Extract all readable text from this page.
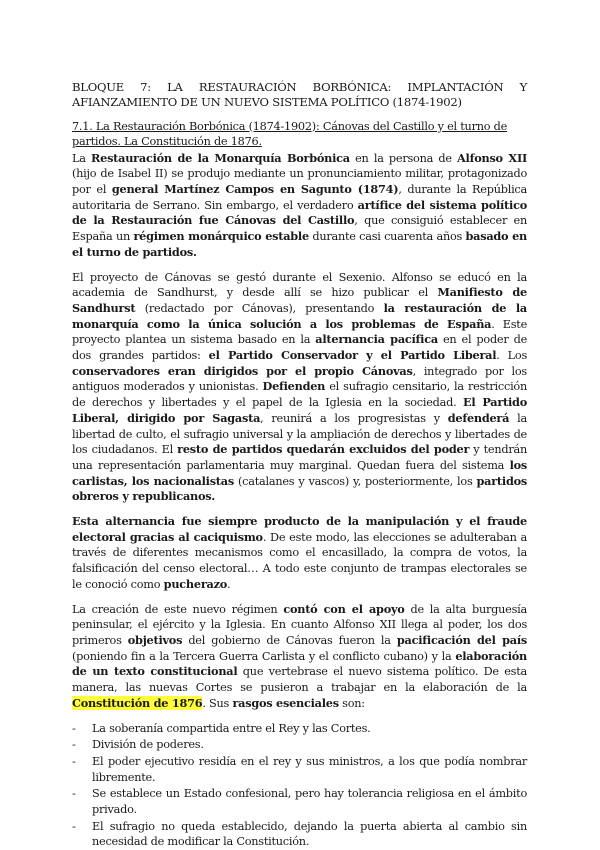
BLOQUE 7: LA RESTAURACIÓN BORBÓNICA: IMPLANTACIÓN Y AFIANZAMIENTO DE UN NUEVO SISTEMA POLÍTICO (1874-1902)
7.1. La Restauración Borbónica (1874-1902): Cánovas del Castillo y el turno de partidos. La Constitución de 1876.

La Restauración de la Monarquía Borbónica en la persona de Alfonso XII (hijo de Isabel II) se produjo mediante un pronunciamiento militar, protagonizado por el general Martínez Campos en Sagunto (1874), durante la República autoritaria de Serrano. Sin embargo, el verdadero artífice del sistema político de la Restauración fue Cánovas del Castillo, que consiguió establecer en España un régimen monárquico estable durante casi cuarenta años basado en el turno de partidos.

El proyecto de Cánovas se gestó durante el Sexenio. Alfonso se educó en la academia de Sandhurst, y desde allí se hizo publicar el Manifiesto de Sandhurst (redactado por Cánovas), presentando la restauración de la monarquía como la única solución a los problemas de España. Este proyecto plantea un sistema basado en la alternancia pacífica en el poder de dos grandes partidos: el Partido Conservador y el Partido Liberal. Los conservadores eran dirigidos por el propio Cánovas, integrado por los antiguos moderados y unionistas. Defienden el sufragio censitario, la restricción de derechos y libertades y el papel de la Iglesia en la sociedad. El Partido Liberal, dirigido por Sagasta, reunirá a los progresistas y defenderá la libertad de culto, el sufragio universal y la ampliación de derechos y libertades de los ciudadanos. El resto de partidos quedarán excluidos del poder y tendrán una representación parlamentaria muy marginal. Quedan fuera del sistema los carlistas, los nacionalistas (catalanes y vascos) y, posteriormente, los partidos obreros y republicanos.

Esta alternancia fue siempre producto de la manipulación y el fraude electoral gracias al caciquismo. De este modo, las elecciones se adulteraban a través de diferentes mecanismos como el encasillado, la compra de votos, la falsificación del censo electoral… A todo este conjunto de trampas electorales se le conoció como pucherazo.

La creación de este nuevo régimen contó con el apoyo de la alta burguesía peninsular, el ejército y la Iglesia. En cuanto Alfonso XII llega al poder, los dos primeros objetivos del gobierno de Cánovas fueron la pacificación del país (poniendo fin a la Tercera Guerra Carlista y el conflicto cubano) y la elaboración de un texto constitucional que vertebrase el nuevo sistema político. De esta manera, las nuevas Cortes se pusieron a trabajar en la elaboración de la Constitución de 1876. Sus rasgos esenciales son:

- La soberanía compartida entre el Rey y las Cortes.
- División de poderes.
- El poder ejecutivo residía en el rey y sus ministros, a los que podía nombrar libremente.
- Se establece un Estado confesional, pero hay tolerancia religiosa en el ámbito privado.
- El sufragio no queda establecido, dejando la puerta abierta al cambio sin necesidad de modificar la Constitución.
